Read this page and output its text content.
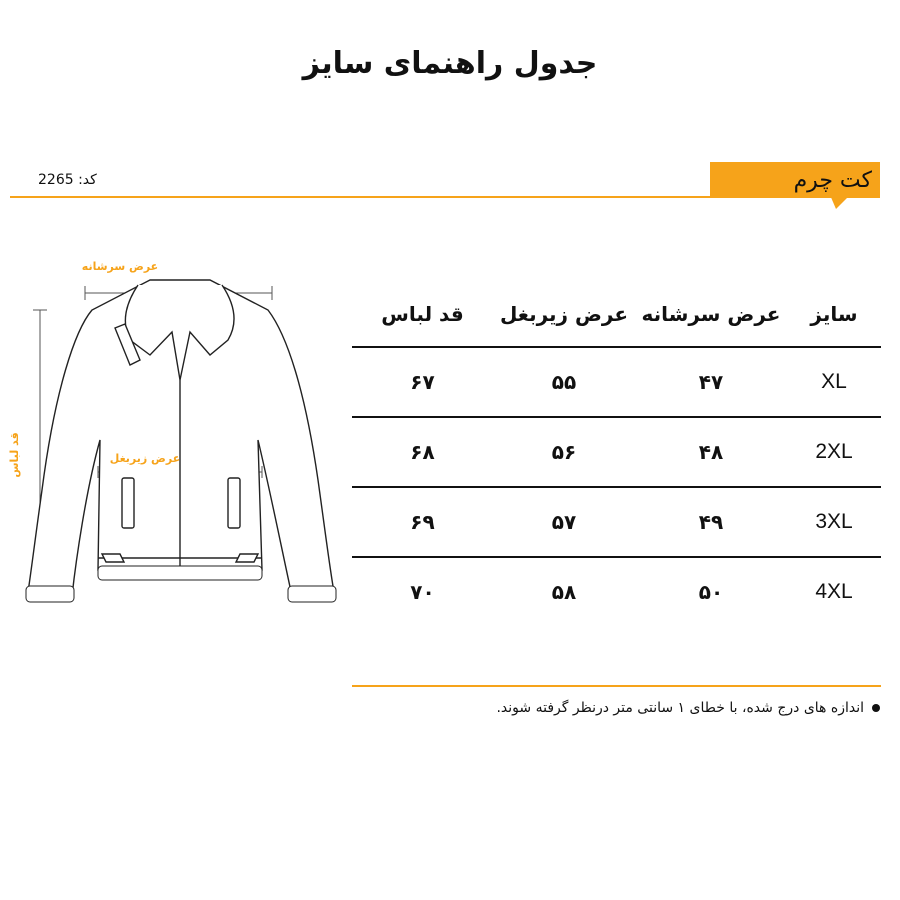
جدول راهنمای سایز
کت چرم
کد: 2265
عرض سرشانه
عرض زیربغل
قد لباس
سایز	عرض سرشانه	عرض زیربغل	قد لباس
XL	۴۷	۵۵	۶۷
2XL	۴۸	۵۶	۶۸
3XL	۴۹	۵۷	۶۹
4XL	۵۰	۵۸	۷۰
اندازه های درج شده، با خطای ۱ سانتی متر درنظر گرفته شوند.
